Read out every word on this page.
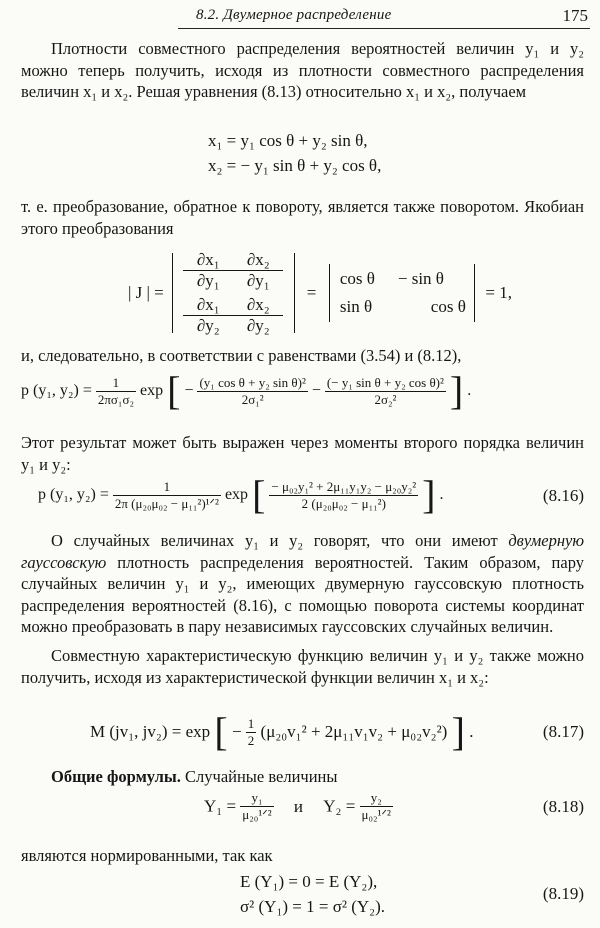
8.2. Двумерное распределение	175
Плотности совместного распределения вероятностей величин y₁ и y₂ можно теперь получить, исходя из плотности совместного распределения величин x₁ и x₂. Решая уравнения (8.13) относительно x₁ и x₂, получаем
x₁ = y₁ cos θ + y₂ sin θ,
x₂ = − y₁ sin θ + y₂ cos θ,
т. е. преобразование, обратное к повороту, является также поворотом. Якобиан этого преобразования
| J | =
$\frac{\text{∂x₁}}{\text{∂y₁}} \frac{\text{∂x₂}}{\text{∂y₁}}$
$\frac{\text{∂x₁}}{\text{∂y₂}} \frac{\text{∂x₂}}{\text{∂y₂}}$
=
cos θ	− sin θ
sin θ	cos θ
= 1,
и, следовательно, в соответствии с равенствами (3.54) и (8.12),
p (y₁, $y_2) = \frac{1}{\text{2πσ₁σ₂}}$ exp [ − $\frac{\text{(y₁ cos θ + y₂ sin θ)²}}{\text{2σ₁²}} - \frac{\text{(− y₁ sin θ + y₂ cos θ)²}}{\text{2σ₂²}}$ ] .
Этот результат может быть выражен через моменты второго порядка величин y₁ и y₂:
p (y₁, $y_2) = \frac{1}{\text{2π (μ₂₀μ₀₂ − μ₁₁²)¹ᐟ²}}$ exp [ $\frac{\text{− μ₀₂y₁² + 2μ₁₁y₁y₂ − μ₂₀y₂²}}{\text{2 (μ₂₀μ₀₂ − μ₁₁²)}}$ ] .	(8.16)
О случайных величинах y₁ и y₂ говорят, что они имеют двумерную гауссовскую плотность распределения вероятностей. Таким образом, пару случайных величин y₁ и y₂, имеющих двумерную гауссовскую плотность распределения вероятностей (8.16), с помощью поворота системы координат можно преобразовать в пару независимых гауссовских случайных величин.
Совместную характеристическую функцию величин y₁ и y₂ также можно получить, исходя из характеристической функции величин x₁ и x₂:
M (jv₁, jv₂) = exp [ − $\frac{1}{2} (\mu_{20}v_1^2 + 2\mu_{11}v_1v_2 + \mu_{02}v_2^2)$ ] .	(8.17)
Общие формулы. Случайные величины
$Y_1 = \frac{\text{y₁}}{\text{μ₂₀¹ᐟ²}}$ и $Y_2 = \frac{\text{y₂}}{\text{μ₀₂¹ᐟ²}}$	(8.18)
являются нормированными, так как
E (Y₁) = 0 = E (Y₂),
σ² (Y₁) = 1 = σ² (Y₂).
(8.19)
